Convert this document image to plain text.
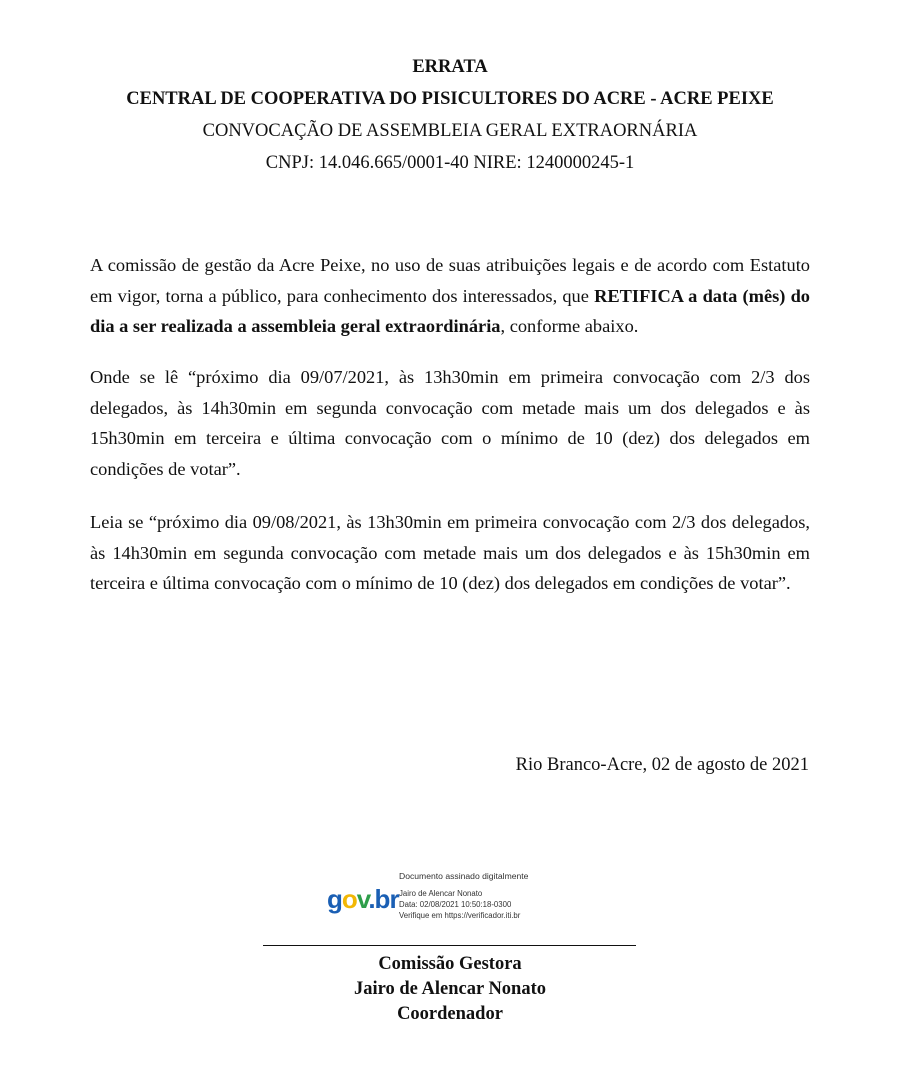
ERRATA
CENTRAL DE COOPERATIVA DO PISICULTORES DO ACRE - ACRE PEIXE
CONVOCAÇÃO DE ASSEMBLEIA GERAL EXTRAORNÁRIA
CNPJ: 14.046.665/0001-40 NIRE: 1240000245-1
A comissão de gestão da Acre Peixe, no uso de suas atribuições legais e de acordo com Estatuto em vigor, torna a público, para conhecimento dos interessados, que RETIFICA a data (mês) do dia a ser realizada a assembleia geral extraordinária, conforme abaixo.
Onde se lê “próximo dia 09/07/2021, às 13h30min em primeira convocação com 2/3 dos delegados, às 14h30min em segunda convocação com metade mais um dos delegados e às 15h30min em terceira e última convocação com o mínimo de 10 (dez) dos delegados em condições de votar”.
Leia se “próximo dia 09/08/2021, às 13h30min em primeira convocação com 2/3 dos delegados, às 14h30min em segunda convocação com metade mais um dos delegados e às 15h30min em terceira e última convocação com o mínimo de 10 (dez) dos delegados em condições de votar”.
Rio Branco-Acre, 02 de agosto de 2021
gov.br
Documento assinado digitalmente
Jairo de Alencar Nonato
Data: 02/08/2021 10:50:18-0300
Verifique em https://verificador.iti.br
Comissão Gestora
Jairo de Alencar Nonato
Coordenador
